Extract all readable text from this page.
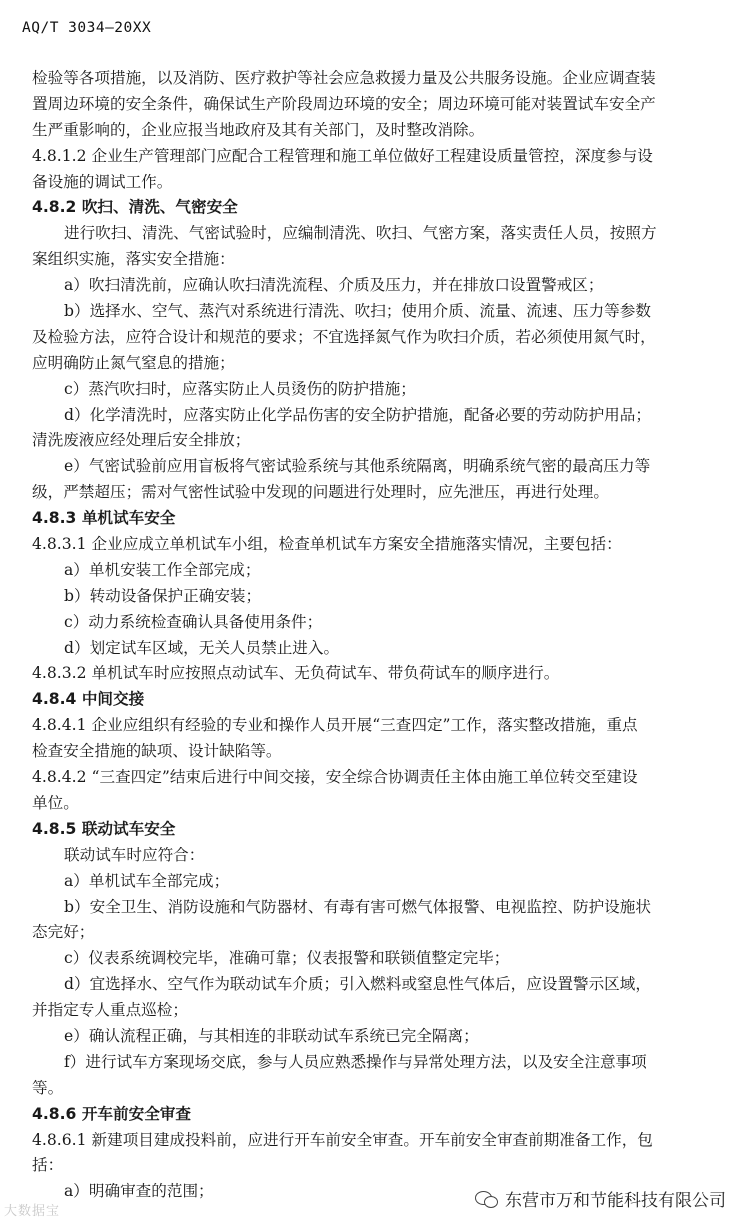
AQ/T 3034—20XX
检验等各项措施，以及消防、医疗救护等社会应急救援力量及公共服务设施。企业应调查装
置周边环境的安全条件，确保试生产阶段周边环境的安全；周边环境可能对装置试车安全产
生严重影响的，企业应报当地政府及其有关部门，及时整改消除。
4.8.1.2 企业生产管理部门应配合工程管理和施工单位做好工程建设质量管控，深度参与设
备设施的调试工作。
4.8.2 吹扫、清洗、气密安全
进行吹扫、清洗、气密试验时，应编制清洗、吹扫、气密方案，落实责任人员，按照方
案组织实施，落实安全措施：
a）吹扫清洗前，应确认吹扫清洗流程、介质及压力，并在排放口设置警戒区；
b）选择水、空气、蒸汽对系统进行清洗、吹扫；使用介质、流量、流速、压力等参数
及检验方法，应符合设计和规范的要求；不宜选择氮气作为吹扫介质，若必须使用氮气时，
应明确防止氮气窒息的措施；
c）蒸汽吹扫时，应落实防止人员烫伤的防护措施；
d）化学清洗时，应落实防止化学品伤害的安全防护措施，配备必要的劳动防护用品；
清洗废液应经处理后安全排放；
e）气密试验前应用盲板将气密试验系统与其他系统隔离，明确系统气密的最高压力等
级，严禁超压；需对气密性试验中发现的问题进行处理时，应先泄压，再进行处理。
4.8.3 单机试车安全
4.8.3.1 企业应成立单机试车小组，检查单机试车方案安全措施落实情况，主要包括：
a）单机安装工作全部完成；
b）转动设备保护正确安装；
c）动力系统检查确认具备使用条件；
d）划定试车区域，无关人员禁止进入。
4.8.3.2 单机试车时应按照点动试车、无负荷试车、带负荷试车的顺序进行。
4.8.4 中间交接
4.8.4.1 企业应组织有经验的专业和操作人员开展“三查四定”工作，落实整改措施，重点
检查安全措施的缺项、设计缺陷等。
4.8.4.2 “三查四定”结束后进行中间交接，安全综合协调责任主体由施工单位转交至建设
单位。
4.8.5 联动试车安全
联动试车时应符合：
a）单机试车全部完成；
b）安全卫生、消防设施和气防器材、有毒有害可燃气体报警、电视监控、防护设施状
态完好；
c）仪表系统调校完毕，准确可靠；仪表报警和联锁值整定完毕；
d）宜选择水、空气作为联动试车介质；引入燃料或窒息性气体后，应设置警示区域，
并指定专人重点巡检；
e）确认流程正确，与其相连的非联动试车系统已完全隔离；
f）进行试车方案现场交底，参与人员应熟悉操作与异常处理方法，以及安全注意事项
等。
4.8.6 开车前安全审查
4.8.6.1 新建项目建成投料前，应进行开车前安全审查。开车前安全审查前期准备工作，包
括：
a）明确审查的范围；	东营市万和节能科技有限公司
大数据宝
